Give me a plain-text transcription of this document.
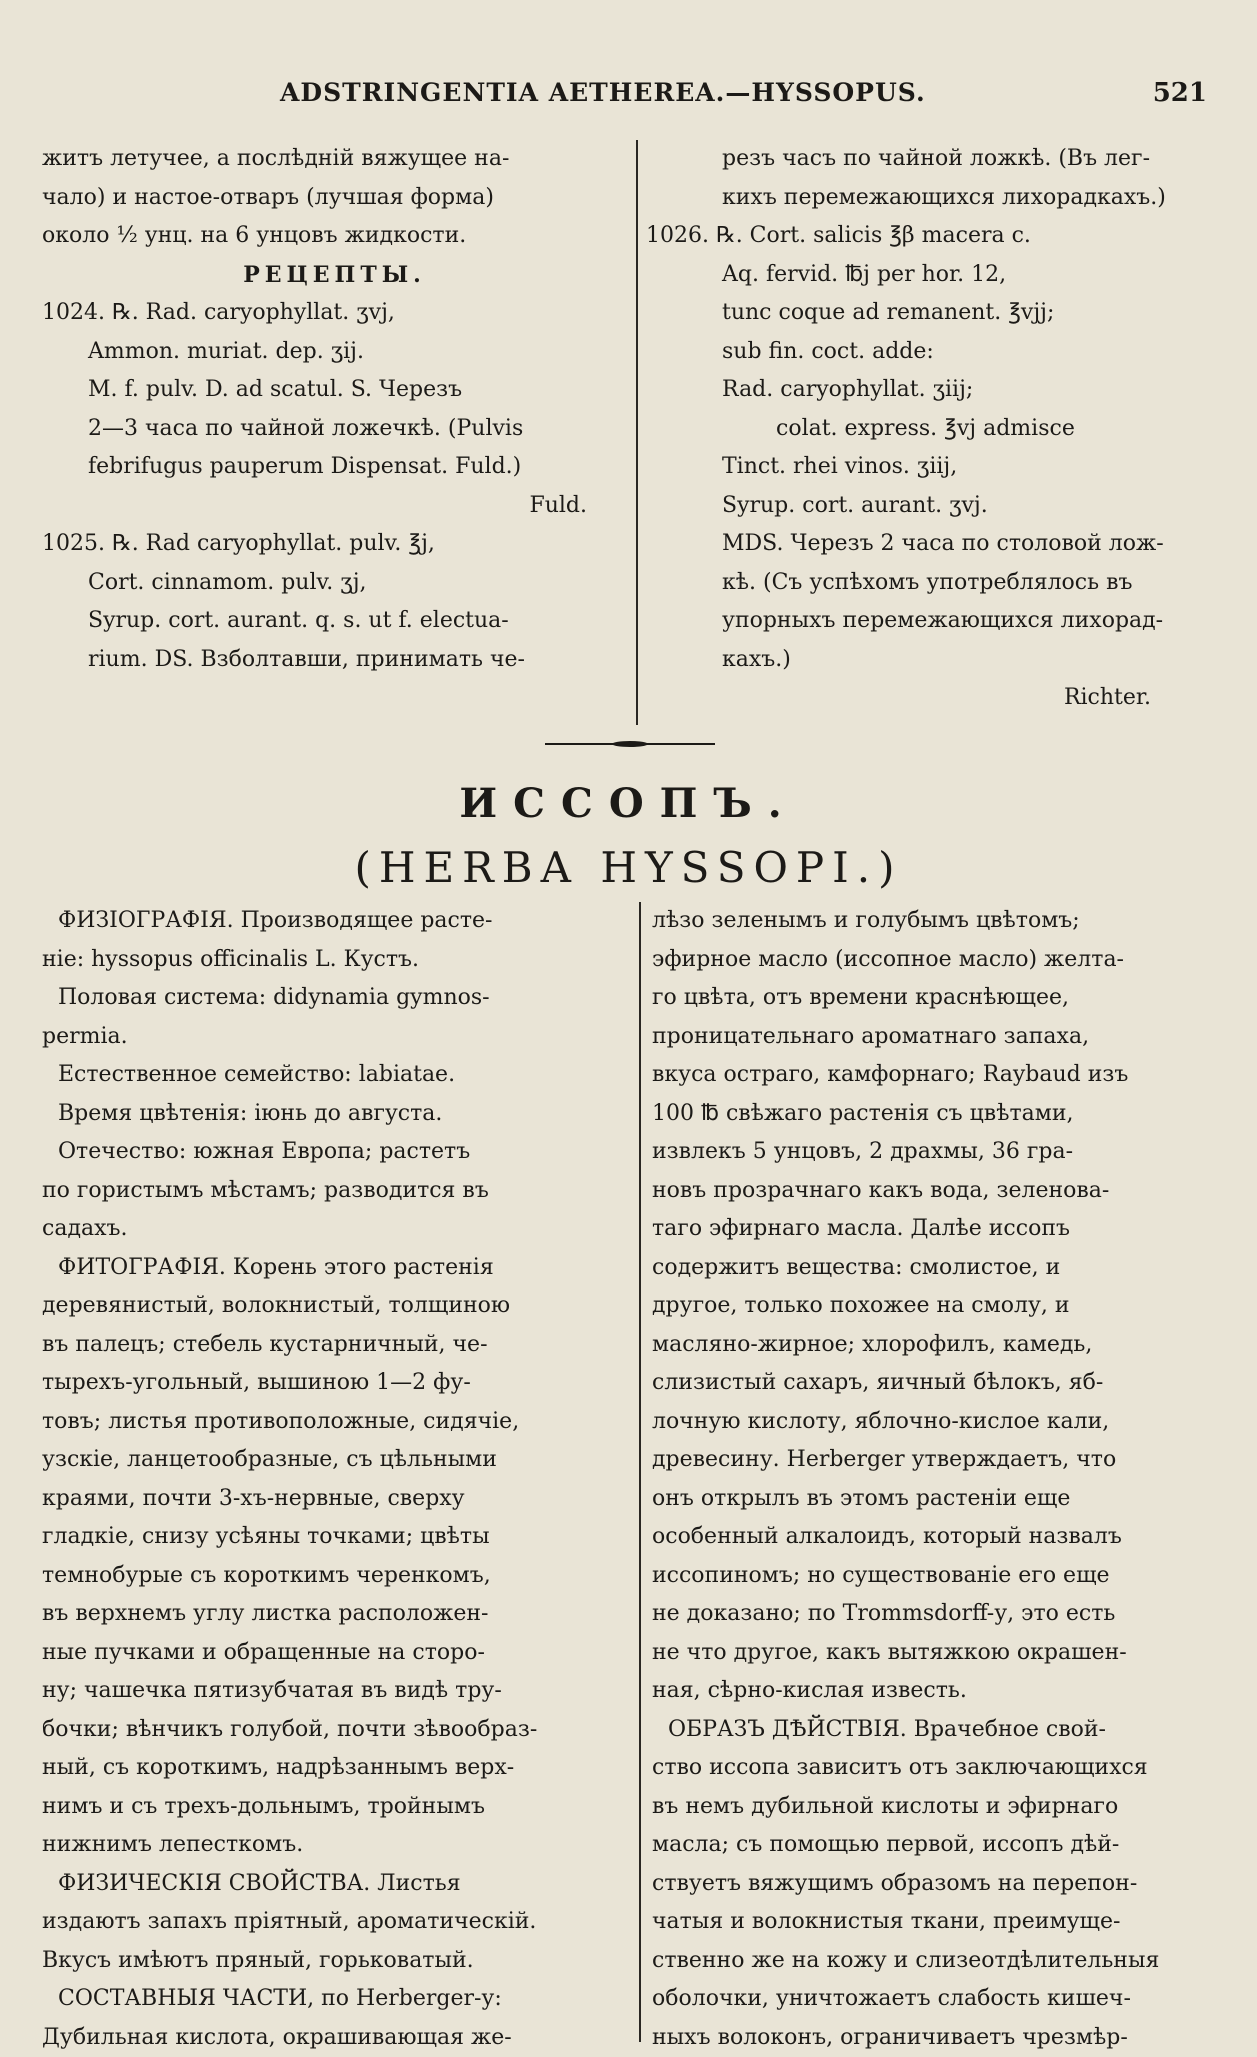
ADSTRINGENTIA AETHEREA.—HYSSOPUS.	521
житъ летучее, а послѣдній вяжущее на-
чало) и настое-отваръ (лучшая форма)
около ½ унц. на 6 унцовъ жидкости.
РЕЦЕПТЫ.
1024. ℞. Rad. caryophyllat. ʒvj,
Ammon. muriat. dep. ʒij.
M. f. pulv. D. ad scatul. S. Черезъ
2—3 часа по чайной ложечкѣ. (Pulvis
febrifugus pauperum Dispensat. Fuld.)
Fuld.
1025. ℞. Rad caryophyllat. pulv. ℥j,
Cort. cinnamom. pulv. ʒj,
Syrup. cort. aurant. q. s. ut f. electua-
rium. DS. Взболтавши, принимать че-
резъ часъ по чайной ложкѣ. (Въ лег-
кихъ перемежающихся лихорадкахъ.)
1026. ℞. Cort. salicis ℥β macera c.
Aq. fervid. ℔j per hor. 12,
tunc coque ad remanent. ℥vjj;
sub fin. coct. adde:
Rad. caryophyllat. ʒiij;
colat. express. ℥vj admisce
Tinct. rhei vinos. ʒiij,
Syrup. cort. aurant. ʒvj.
MDS. Черезъ 2 часа по столовой лож-
кѣ. (Съ успѣхомъ употреблялось въ
упорныхъ перемежающихся лихорад-
кахъ.)
Richter.
ИССОПЪ.
(HERBA HYSSOPI.)
ФИЗІОГРАФІЯ. Производящее расте-
ніе: hyssopus officinalis L. Кустъ.
Половая система: didynamia gymnos-
permia.
Естественное семейство: labiatae.
Время цвѣтенія: іюнь до августа.
Отечество: южная Европа; растетъ
по гористымъ мѣстамъ; разводится въ
садахъ.
ФИТОГРАФІЯ. Корень этого растенія
деревянистый, волокнистый, толщиною
въ палецъ; стебель кустарничный, че-
тырехъ-угольный, вышиною 1—2 фу-
товъ; листья противоположные, сидячіе,
узскіе, ланцетообразные, съ цѣльными
краями, почти 3-хъ-нервные, сверху
гладкіе, снизу усѣяны точками; цвѣты
темнобурые съ короткимъ черенкомъ,
въ верхнемъ углу листка расположен-
ные пучками и обращенные на сторо-
ну; чашечка пятизубчатая въ видѣ тру-
бочки; вѣнчикъ голубой, почти зѣвообраз-
ный, съ короткимъ, надрѣзаннымъ верх-
нимъ и съ трехъ-дольнымъ, тройнымъ
нижнимъ лепесткомъ.
ФИЗИЧЕСКІЯ СВОЙСТВА. Листья
издаютъ запахъ пріятный, ароматическій.
Вкусъ имѣютъ пряный, горьковатый.
СОСТАВНЫЯ ЧАСТИ, по Herberger-у:
Дубильная кислота, окрашивающая же-
лѣзо зеленымъ и голубымъ цвѣтомъ;
эфирное масло (иссопное масло) желта-
го цвѣта, отъ времени краснѣющее,
проницательнаго ароматнаго запаха,
вкуса остраго, камфорнаго; Raybaud изъ
100 ℔ свѣжаго растенія съ цвѣтами,
извлекъ 5 унцовъ, 2 драхмы, 36 гра-
новъ прозрачнаго какъ вода, зеленова-
таго эфирнаго масла. Далѣе иссопъ
содержитъ вещества: смолистое, и
другое, только похожее на смолу, и
масляно-жирное; хлорофилъ, камедь,
слизистый сахаръ, яичный бѣлокъ, яб-
лочную кислоту, яблочно-кислое кали,
древесину. Herberger утверждаетъ, что
онъ открылъ въ этомъ растеніи еще
особенный алкалоидъ, который назвалъ
иссопиномъ; но существованіе его еще
не доказано; по Trommsdorff-у, это есть
не что другое, какъ вытяжкою окрашен-
ная, сѣрно-кислая известь.
ОБРАЗЪ ДѢЙСТВІЯ. Врачебное свой-
ство иссопа зависитъ отъ заключающихся
въ немъ дубильной кислоты и эфирнаго
масла; съ помощью первой, иссопъ дѣй-
ствуетъ вяжущимъ образомъ на перепон-
чатыя и волокнистыя ткани, преимуще-
ственно же на кожу и слизеотдѣлительныя
оболочки, уничтожаетъ слабость кишеч-
ныхъ волоконъ, ограничиваетъ чрезмѣр-
